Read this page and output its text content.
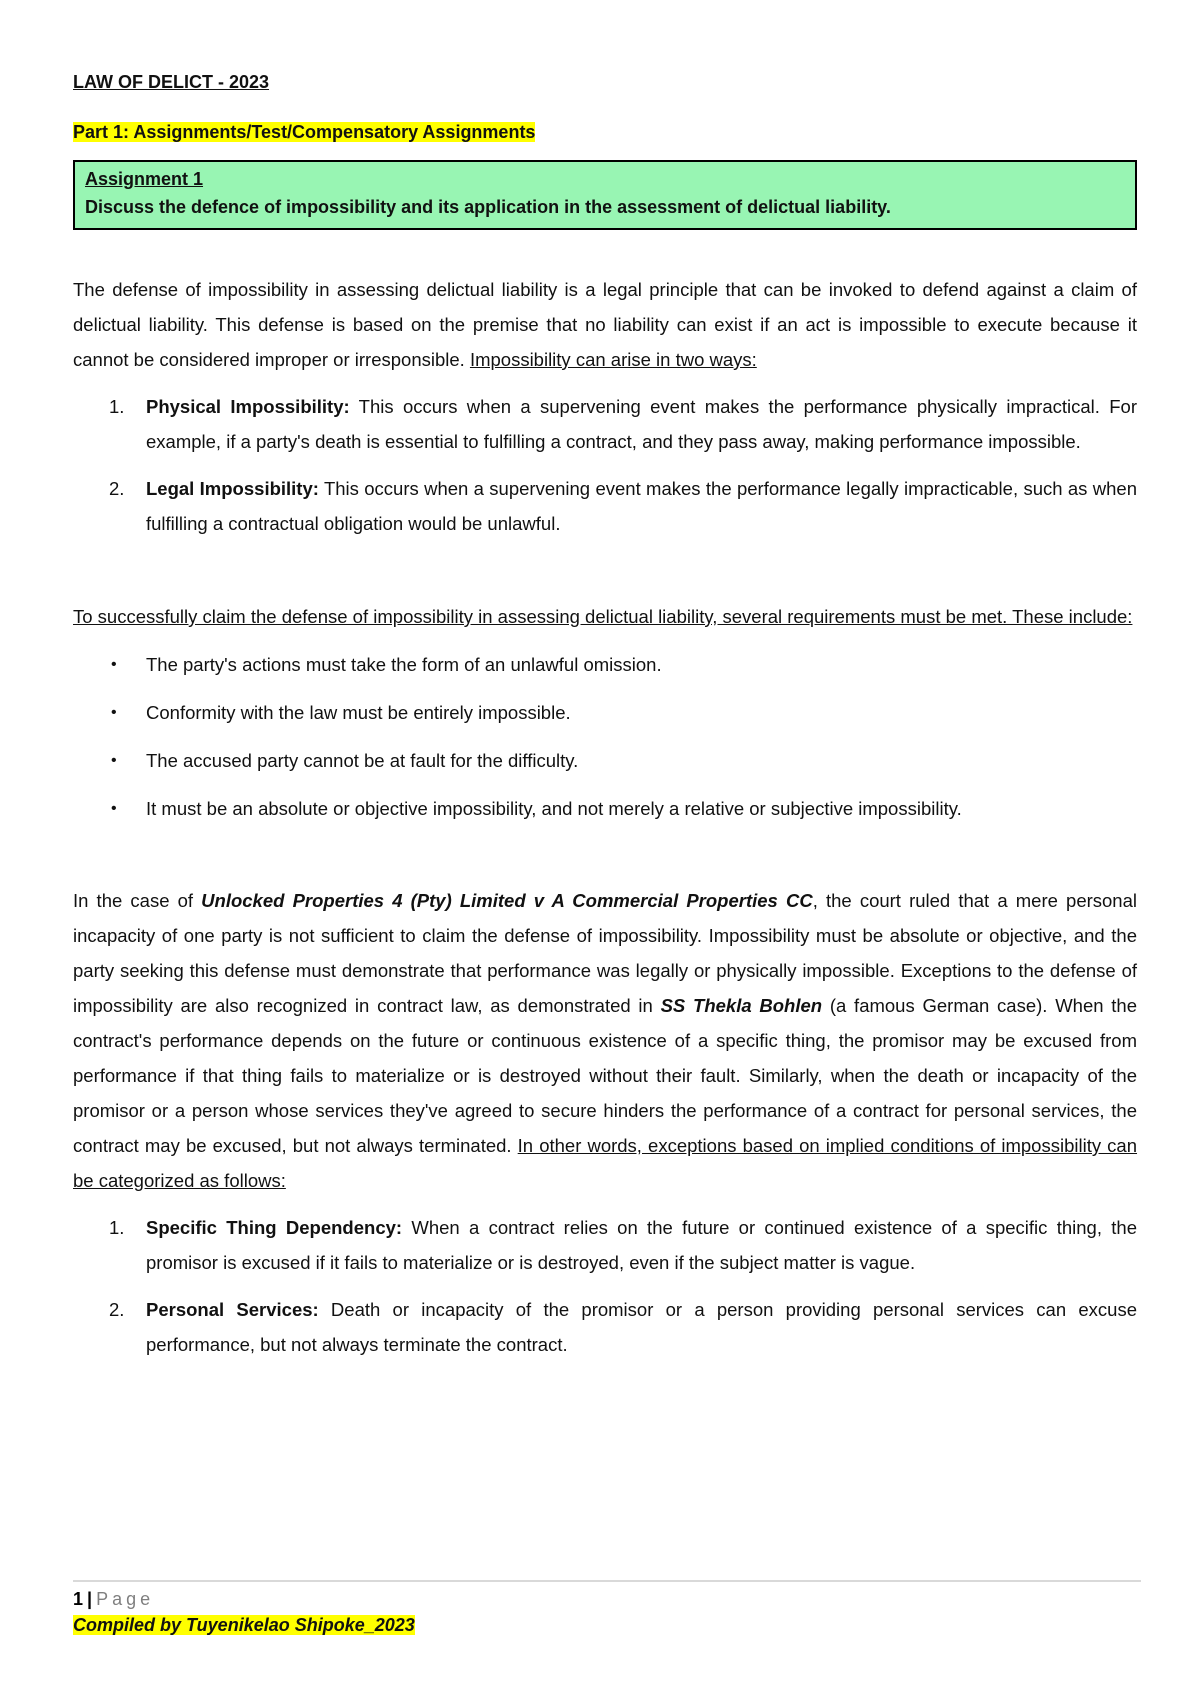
LAW OF DELICT - 2023
Part 1: Assignments/Test/Compensatory Assignments
Assignment 1
Discuss the defence of impossibility and its application in the assessment of delictual liability.

The defense of impossibility in assessing delictual liability is a legal principle that can be invoked to defend against a claim of delictual liability. This defense is based on the premise that no liability can exist if an act is impossible to execute because it cannot be considered improper or irresponsible. Impossibility can arise in two ways:

1. Physical Impossibility: This occurs when a supervening event makes the performance physically impractical. For example, if a party's death is essential to fulfilling a contract, and they pass away, making performance impossible.
2. Legal Impossibility: This occurs when a supervening event makes the performance legally impracticable, such as when fulfilling a contractual obligation would be unlawful.

To successfully claim the defense of impossibility in assessing delictual liability, several requirements must be met. These include:

• The party's actions must take the form of an unlawful omission.
• Conformity with the law must be entirely impossible.
• The accused party cannot be at fault for the difficulty.
• It must be an absolute or objective impossibility, and not merely a relative or subjective impossibility.

In the case of Unlocked Properties 4 (Pty) Limited v A Commercial Properties CC, the court ruled that a mere personal incapacity of one party is not sufficient to claim the defense of impossibility. Impossibility must be absolute or objective, and the party seeking this defense must demonstrate that performance was legally or physically impossible. Exceptions to the defense of impossibility are also recognized in contract law, as demonstrated in SS Thekla Bohlen (a famous German case). When the contract's performance depends on the future or continuous existence of a specific thing, the promisor may be excused from performance if that thing fails to materialize or is destroyed without their fault. Similarly, when the death or incapacity of the promisor or a person whose services they've agreed to secure hinders the performance of a contract for personal services, the contract may be excused, but not always terminated. In other words, exceptions based on implied conditions of impossibility can be categorized as follows:

1. Specific Thing Dependency: When a contract relies on the future or continued existence of a specific thing, the promisor is excused if it fails to materialize or is destroyed, even if the subject matter is vague.
2. Personal Services: Death or incapacity of the promisor or a person providing personal services can excuse performance, but not always terminate the contract.
1 | Page
Compiled by Tuyenikelao Shipoke_2023
